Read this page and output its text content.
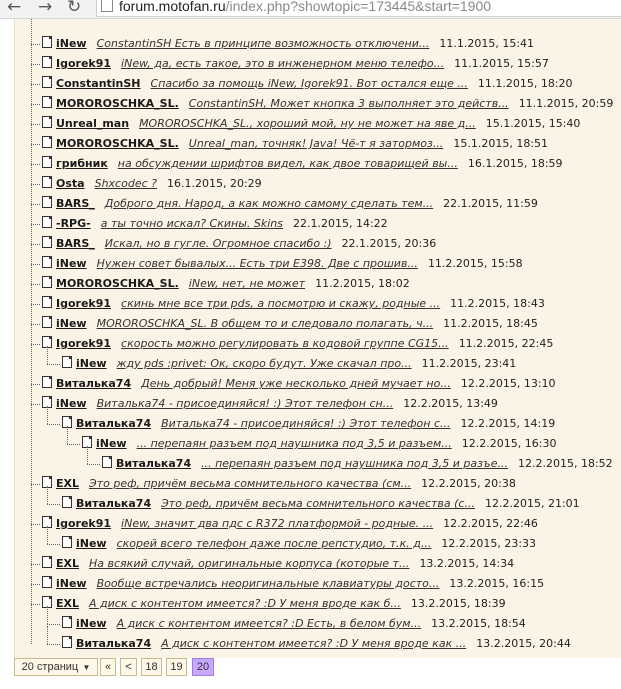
← → ↻	forum.motofan.ru/index.php?showtopic=173445&start=1900
iNew ConstantinSH Есть в принципе возможность отключени... 11.1.2015, 15:41
Igorek91 iNew, да, есть такое, это в инженерном меню телефо... 11.1.2015, 15:57
ConstantinSH Спасибо за помощь iNew, Igorek91. Вот остался еще ... 11.1.2015, 18:20
MOROROSCHKA_SL. ConstantinSH, Может кнопка 3 выполняет это действ... 11.1.2015, 20:59
Unreal_man MOROROSCHKA_SL., хороший мой, ну не может на яве д... 15.1.2015, 15:40
MOROROSCHKA_SL. Unreal_man, точняк! Java! Чё-т я затормоз... 15.1.2015, 18:51
грибник на обсуждении шрифтов видел, как двое товарищей вы... 16.1.2015, 18:59
Osta Shxcodec ? 16.1.2015, 20:29
BARS_ Доброго дня. Народ, а как можно самому сделать тем... 22.1.2015, 11:59
-RPG- а ты точно искал? Скины. Skins 22.1.2015, 14:22
BARS_ Искал, но в гугле. Огромное спасибо :) 22.1.2015, 20:36
iNew Нужен совет бывалых... Есть три E398. Две с прошив... 11.2.2015, 15:58
MOROROSCHKA_SL. iNew, нет, не может 11.2.2015, 18:02
Igorek91 скинь мне все три pds, а посмотрю и скажу, родные ... 11.2.2015, 18:43
iNew MOROROSCHKA_SL. В общем то и следовало полагать, ч... 11.2.2015, 18:45
Igorek91 скорость можно регулировать в кодовой группе CG15... 11.2.2015, 22:45
iNew жду pds :privet: Ок, скоро будут. Уже скачал про... 11.2.2015, 23:41
Виталька74 День добрый! Меня уже несколько дней мучает но... 12.2.2015, 13:10
iNew Виталька74 - присоединяйся! :) Этот телефон сн... 12.2.2015, 13:49
Виталька74 Виталька74 - присоединяйся! :) Этот телефон с... 12.2.2015, 14:19
iNew ... перепаян разъем под наушника под 3,5 и разъем... 12.2.2015, 16:30
Виталька74 ... перепаян разъем под наушника под 3,5 и разъе... 12.2.2015, 18:52
EXL Это реф, причём весьма сомнительного качества (см... 12.2.2015, 20:38
Виталька74 Это реф, причём весьма сомнительного качества (с... 12.2.2015, 21:01
Igorek91 iNew, значит два пдс с R372 платформой - родные. ... 12.2.2015, 22:46
iNew скорей всего телефон даже после репстудио, т.к. д... 12.2.2015, 23:33
EXL На всякий случай, оригинальные корпуса (которые т... 13.2.2015, 14:34
iNew Вообще встречались неоригинальные клавиатуры досто... 13.2.2015, 16:15
EXL А диск с контентом имеется? :D У меня вроде как б... 13.2.2015, 18:39
iNew А диск с контентом имеется? :D Есть, в белом бум... 13.2.2015, 18:54
Виталька74 А диск с контентом имеется? :D У меня вроде как ... 13.2.2015, 20:44
20 страниц ▼	«	<	18	19	20
